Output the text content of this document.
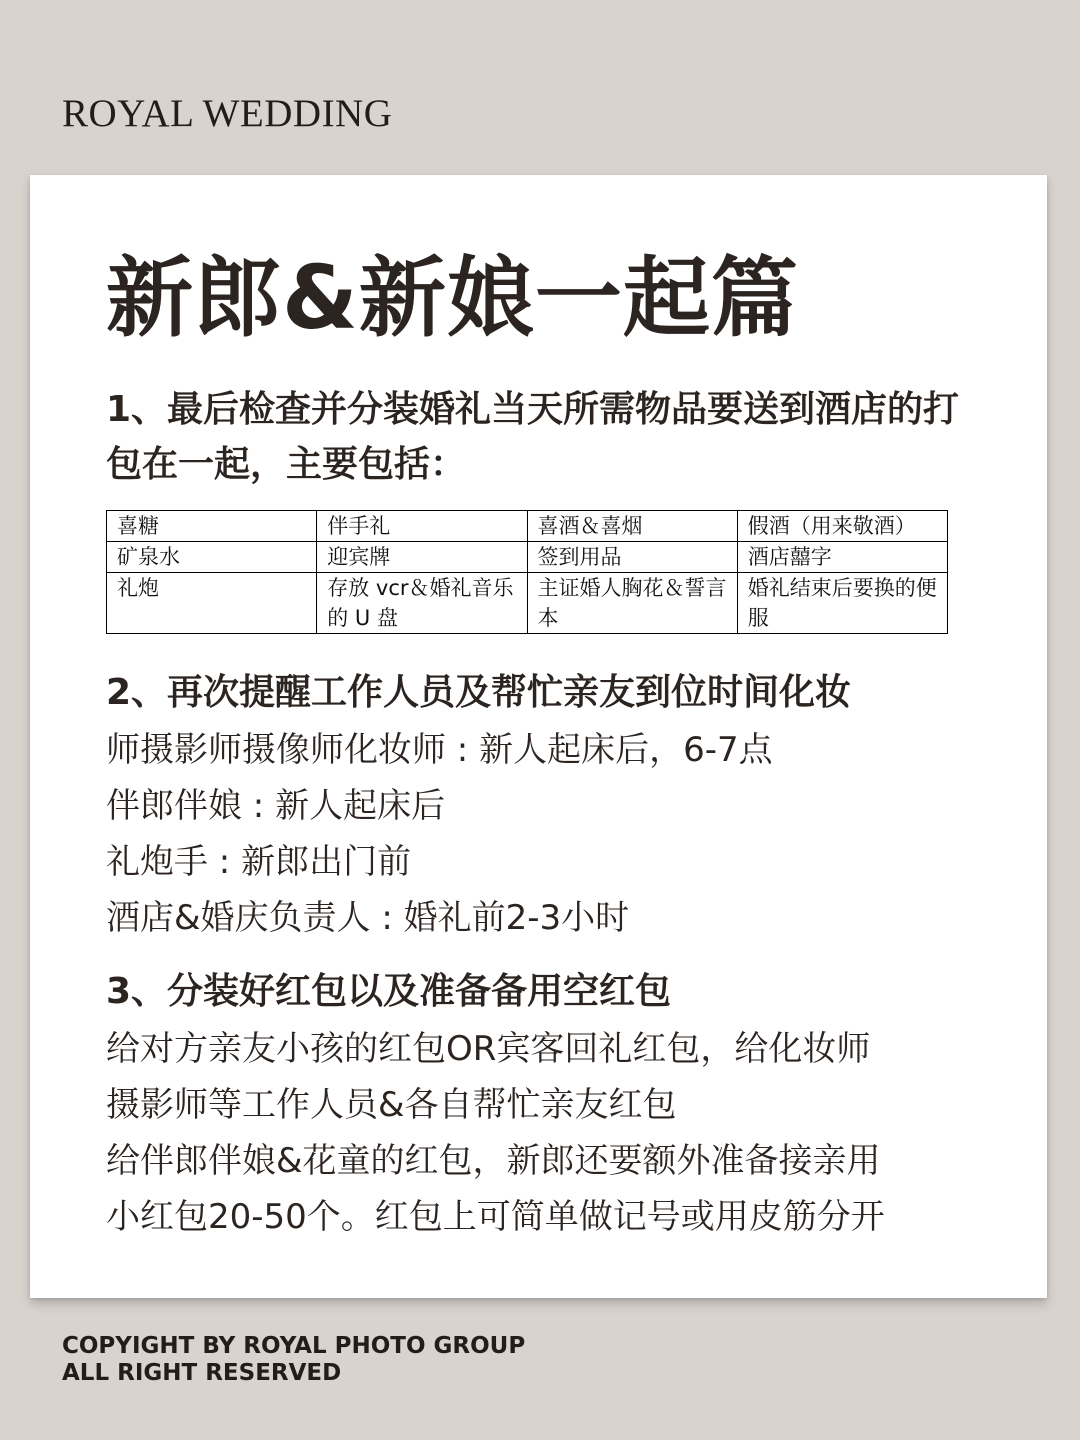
ROYAL WEDDING
新郎&新娘一起篇
1、最后检查并分装婚礼当天所需物品要送到酒店的打包在一起，主要包括：
喜糖	伴手礼	喜酒＆喜烟	假酒（用来敬酒）
矿泉水	迎宾牌	签到用品	酒店囍字
礼炮	存放 vcr＆婚礼音乐的 U 盘	主证婚人胸花＆誓言本	婚礼结束后要换的便服
2、再次提醒工作人员及帮忙亲友到位时间化妆
师摄影师摄像师化妆师 : 新人起床后，6-7点
伴郎伴娘 : 新人起床后
礼炮手 : 新郎出门前
酒店&婚庆负责人 : 婚礼前2-3小时
3、分装好红包以及准备备用空红包
给对方亲友小孩的红包OR宾客回礼红包，给化妆师
摄影师等工作人员&各自帮忙亲友红包
给伴郎伴娘&花童的红包，新郎还要额外准备接亲用
小红包20-50个。红包上可简单做记号或用皮筋分开
COPYIGHT BY ROYAL PHOTO GROUP
ALL RIGHT RESERVED
